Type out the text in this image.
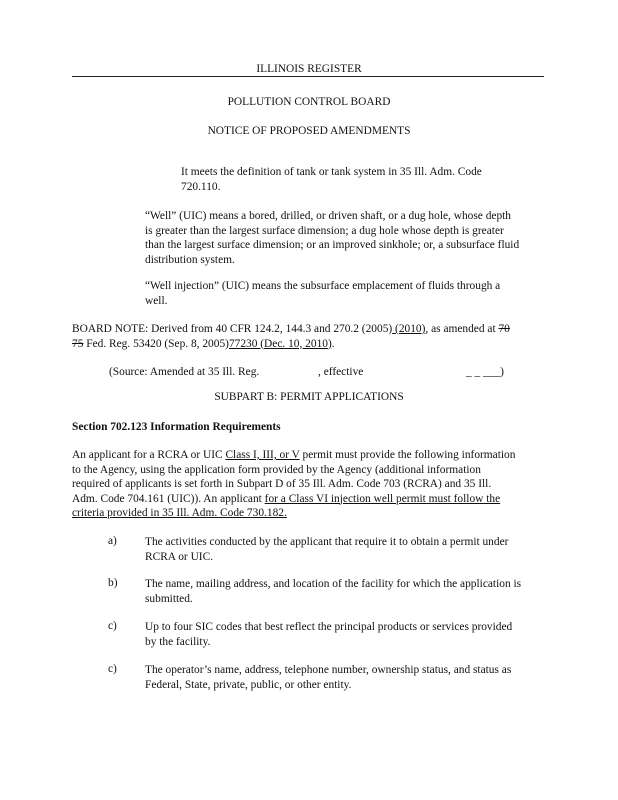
ILLINOIS REGISTER
POLLUTION CONTROL BOARD
NOTICE OF PROPOSED AMENDMENTS
It meets the definition of tank or tank system in 35 Ill. Adm. Code
720.110.
“Well” (UIC) means a bored, drilled, or driven shaft, or a dug hole, whose depth
is greater than the largest surface dimension; a dug hole whose depth is greater
than the largest surface dimension; or an improved sinkhole; or, a subsurface fluid
distribution system.
“Well injection” (UIC) means the subsurface emplacement of fluids through a
well.
BOARD NOTE: Derived from 40 CFR 124.2, 144.3 and 270.2 (2005) (2010), as amended at 70
75 Fed. Reg. 53420 (Sep. 8, 2005)77230 (Dec. 10, 2010).
(Source: Amended at 35 Ill. Reg.	, effective	_ _ ___)
SUBPART B: PERMIT APPLICATIONS
Section 702.123 Information Requirements
An applicant for a RCRA or UIC Class I, III, or V permit must provide the following information
to the Agency, using the application form provided by the Agency (additional information
required of applicants is set forth in Subpart D of 35 Ill. Adm. Code 703 (RCRA) and 35 Ill.
Adm. Code 704.161 (UIC)). An applicant for a Class VI injection well permit must follow the
criteria provided in 35 Ill. Adm. Code 730.182.
a) The activities conducted by the applicant that require it to obtain a permit under
RCRA or UIC.
b) The name, mailing address, and location of the facility for which the application is
submitted.
c) Up to four SIC codes that best reflect the principal products or services provided
by the facility.
c) The operator’s name, address, telephone number, ownership status, and status as
Federal, State, private, public, or other entity.
